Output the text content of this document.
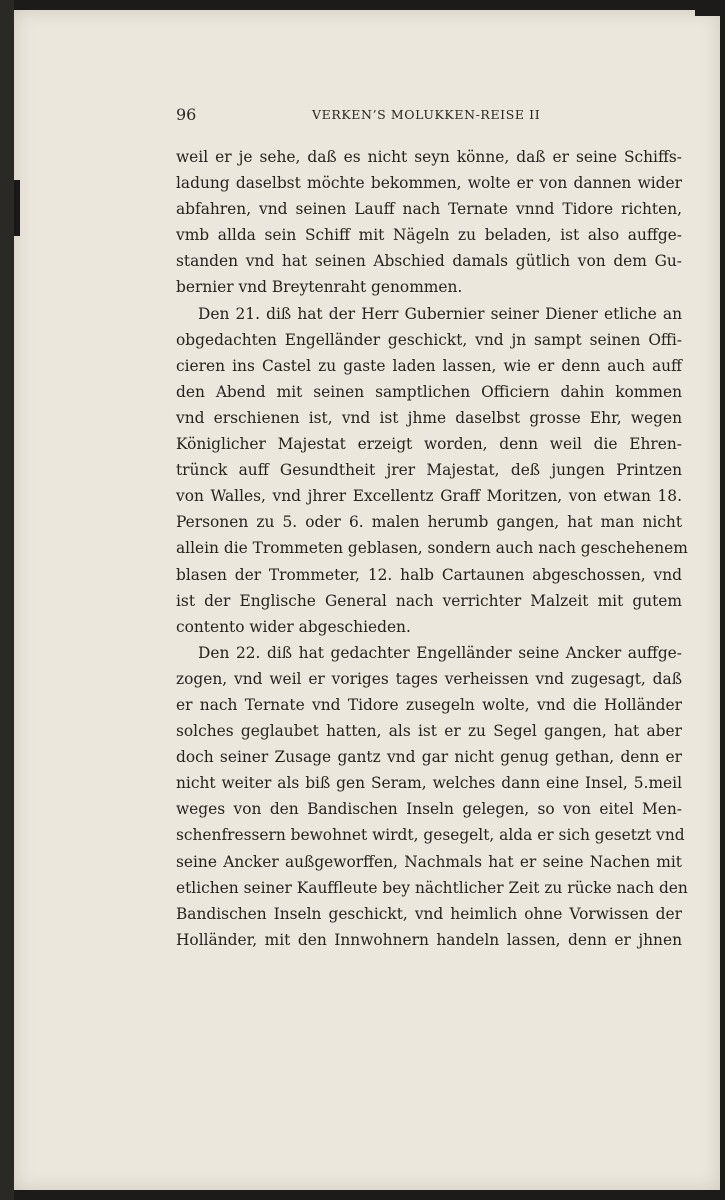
96	VERKEN’S MOLUKKEN-REISE II
weil er je sehe, daß es nicht seyn könne, daß er seine Schiffs-
ladung daselbst möchte bekommen, wolte er von dannen wider
abfahren, vnd seinen Lauff nach Ternate vnnd Tidore richten,
vmb allda sein Schiff mit Nägeln zu beladen, ist also auffge-
standen vnd hat seinen Abschied damals gütlich von dem Gu-
bernier vnd Breytenraht genommen.
Den 21. diß hat der Herr Gubernier seiner Diener etliche an
obgedachten Engelländer geschickt, vnd jn sampt seinen Offi-
cieren ins Castel zu gaste laden lassen, wie er denn auch auff
den Abend mit seinen samptlichen Officiern dahin kommen
vnd erschienen ist, vnd ist jhme daselbst grosse Ehr, wegen
Königlicher Majestat erzeigt worden, denn weil die Ehren-
trünck auff Gesundtheit jrer Majestat, deß jungen Printzen
von Walles, vnd jhrer Excellentz Graff Moritzen, von etwan 18.
Personen zu 5. oder 6. malen herumb gangen, hat man nicht
allein die Trommeten geblasen, sondern auch nach geschehenem
blasen der Trommeter, 12. halb Cartaunen abgeschossen, vnd
ist der Englische General nach verrichter Malzeit mit gutem
contento wider abgeschieden.
Den 22. diß hat gedachter Engelländer seine Ancker auffge-
zogen, vnd weil er voriges tages verheissen vnd zugesagt, daß
er nach Ternate vnd Tidore zusegeln wolte, vnd die Holländer
solches geglaubet hatten, als ist er zu Segel gangen, hat aber
doch seiner Zusage gantz vnd gar nicht genug gethan, denn er
nicht weiter als biß gen Seram, welches dann eine Insel, 5.meil
weges von den Bandischen Inseln gelegen, so von eitel Men-
schenfressern bewohnet wirdt, gesegelt, alda er sich gesetzt vnd
seine Ancker außgeworffen, Nachmals hat er seine Nachen mit
etlichen seiner Kauffleute bey nächtlicher Zeit zu rücke nach den
Bandischen Inseln geschickt, vnd heimlich ohne Vorwissen der
Holländer, mit den Innwohnern handeln lassen, denn er jhnen
